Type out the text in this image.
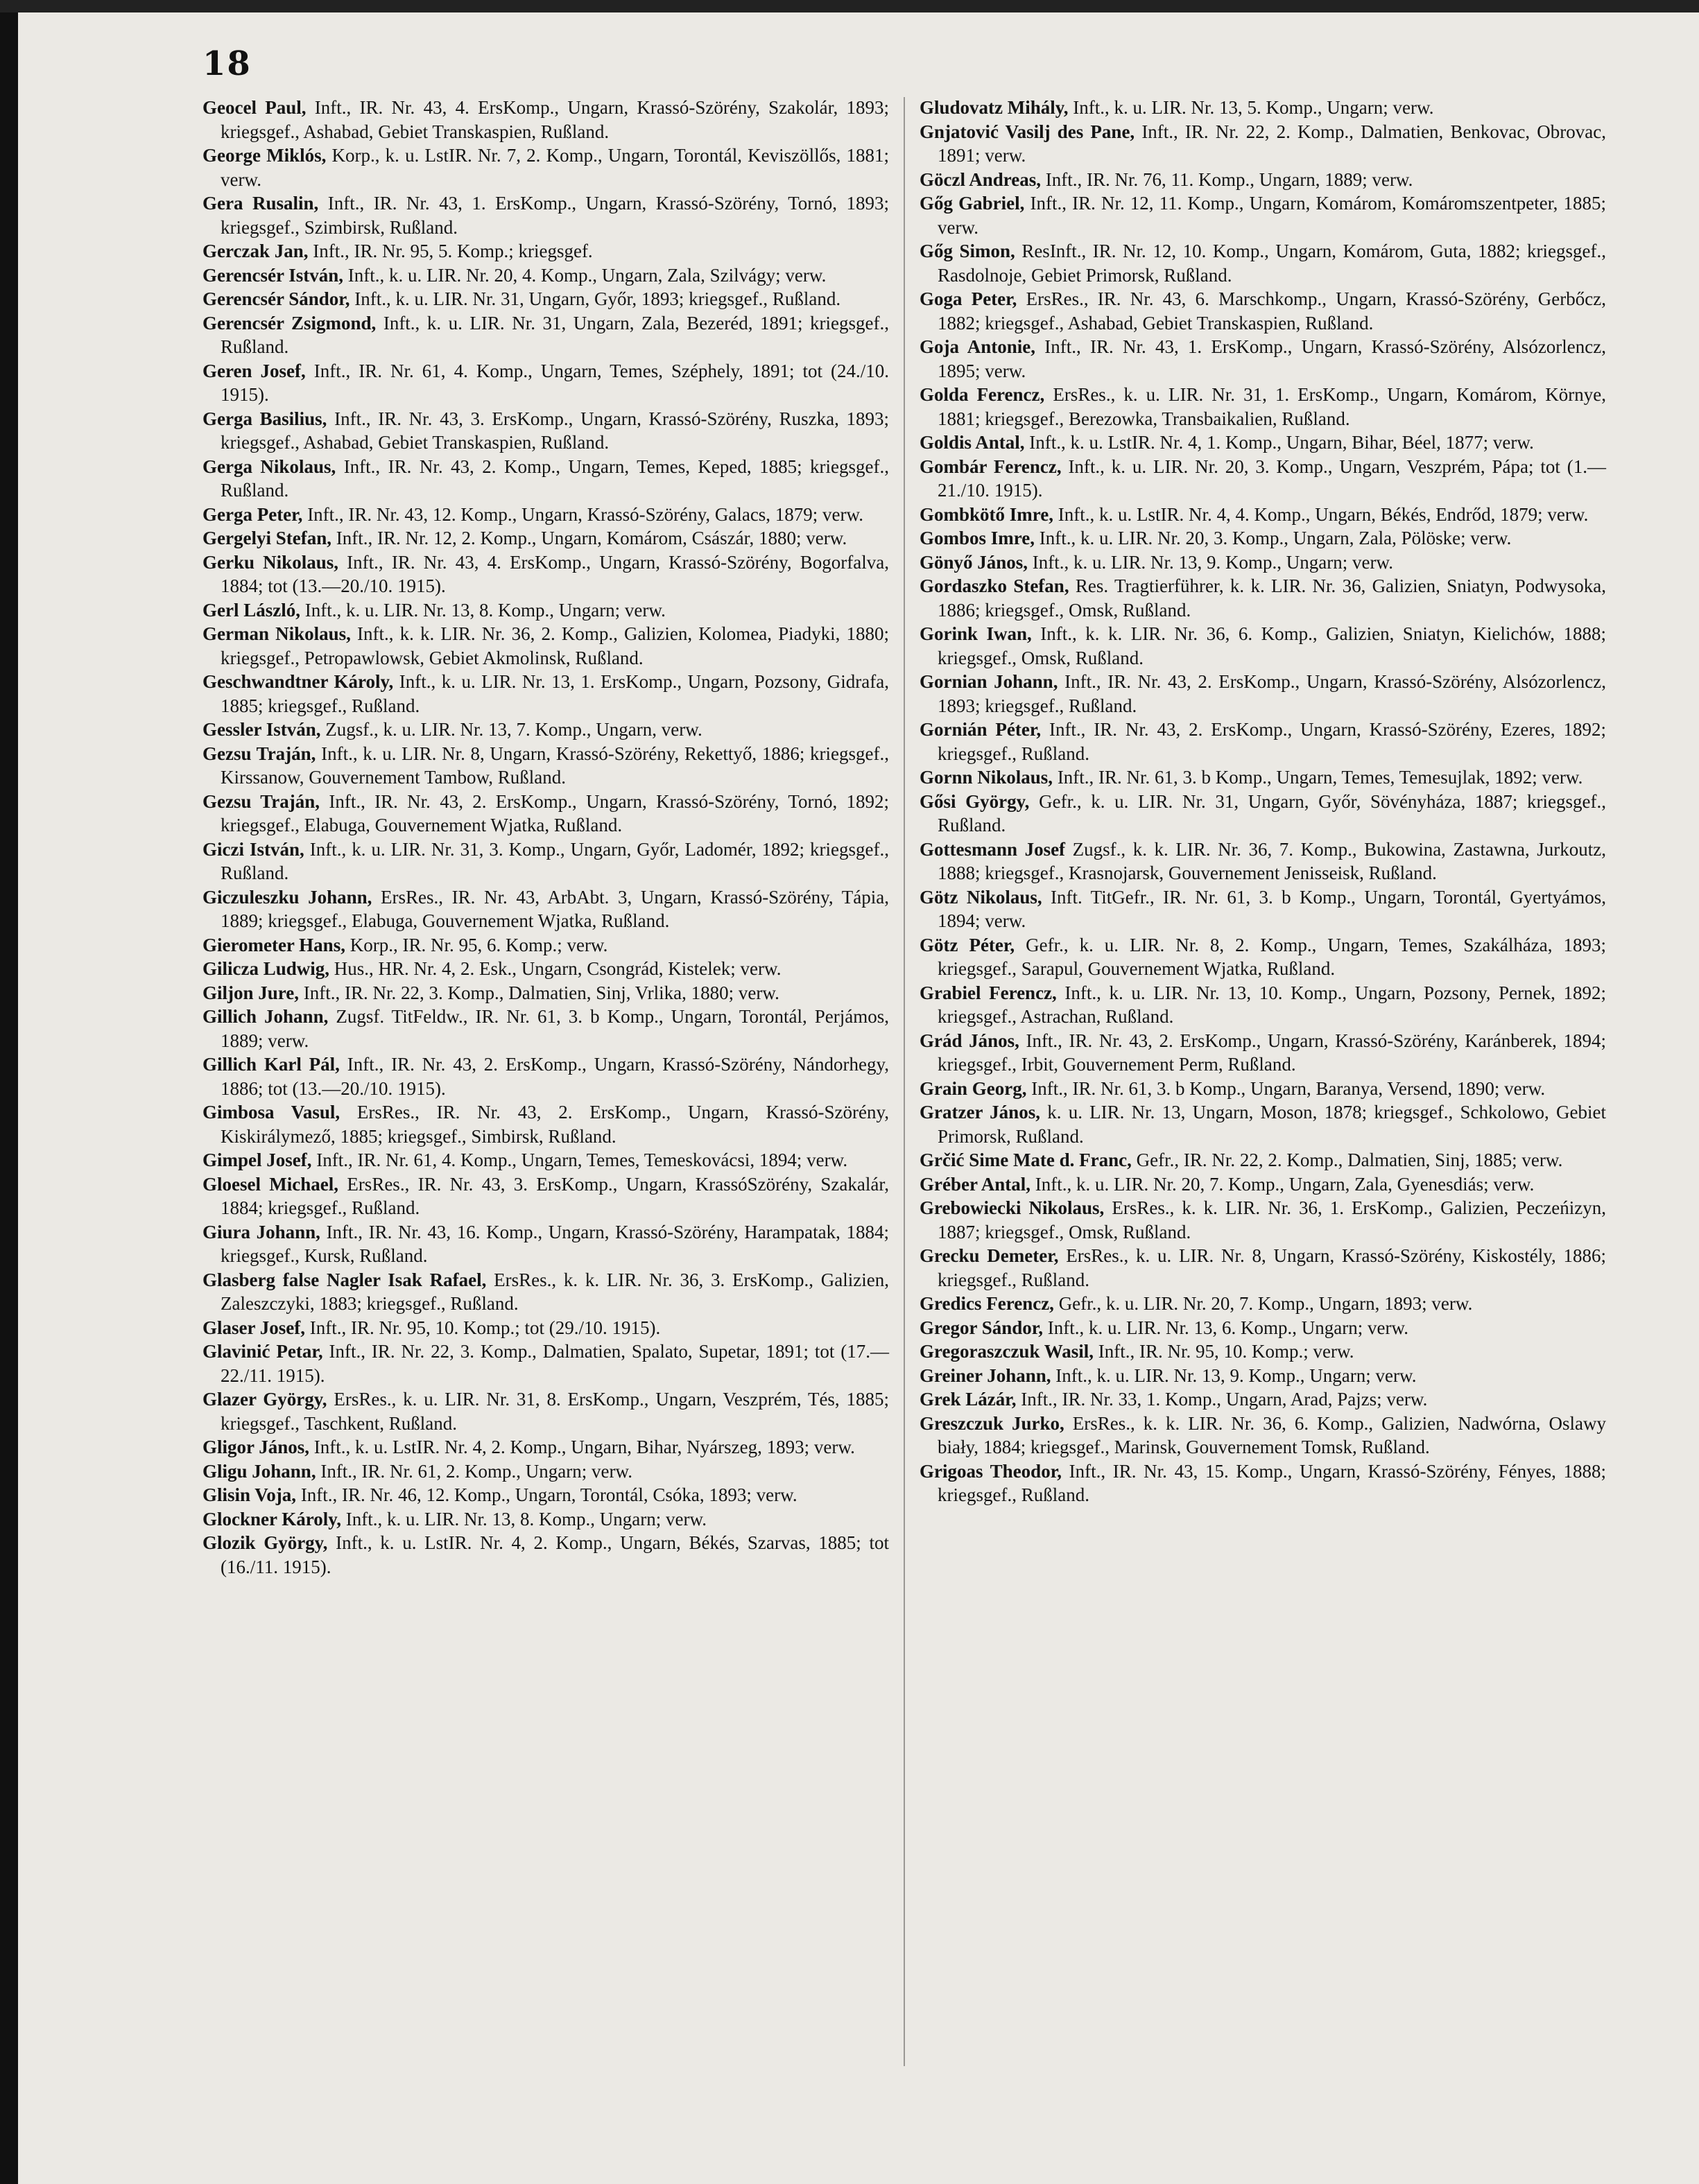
18
Geocel Paul, Inft., IR. Nr. 43, 4. ErsKomp., Ungarn, Krassó-Szörény, Szakolár, 1893; kriegsgef., Ashabad, Gebiet Transkaspien, Rußland.
George Miklós, Korp., k. u. LstIR. Nr. 7, 2. Komp., Ungarn, Torontál, Keviszöllős, 1881; verw.
Gera Rusalin, Inft., IR. Nr. 43, 1. ErsKomp., Ungarn, Krassó-Szörény, Tornó, 1893; kriegsgef., Szimbirsk, Rußland.
Gerczak Jan, Inft., IR. Nr. 95, 5. Komp.; kriegsgef.
Gerencsér István, Inft., k. u. LIR. Nr. 20, 4. Komp., Ungarn, Zala, Szilvágy; verw.
Gerencsér Sándor, Inft., k. u. LIR. Nr. 31, Ungarn, Győr, 1893; kriegsgef., Rußland.
Gerencsér Zsigmond, Inft., k. u. LIR. Nr. 31, Ungarn, Zala, Bezeréd, 1891; kriegsgef., Rußland.
Geren Josef, Inft., IR. Nr. 61, 4. Komp., Ungarn, Temes, Széphely, 1891; tot (24./10. 1915).
Gerga Basilius, Inft., IR. Nr. 43, 3. ErsKomp., Ungarn, Krassó-Szörény, Ruszka, 1893; kriegsgef., Ashabad, Gebiet Transkaspien, Rußland.
Gerga Nikolaus, Inft., IR. Nr. 43, 2. Komp., Ungarn, Temes, Keped, 1885; kriegsgef., Rußland.
Gerga Peter, Inft., IR. Nr. 43, 12. Komp., Ungarn, Krassó-Szörény, Galacs, 1879; verw.
Gergelyi Stefan, Inft., IR. Nr. 12, 2. Komp., Ungarn, Komárom, Császár, 1880; verw.
Gerku Nikolaus, Inft., IR. Nr. 43, 4. ErsKomp., Ungarn, Krassó-Szörény, Bogorfalva, 1884; tot (13.—20./10. 1915).
Gerl László, Inft., k. u. LIR. Nr. 13, 8. Komp., Ungarn; verw.
German Nikolaus, Inft., k. k. LIR. Nr. 36, 2. Komp., Galizien, Kolomea, Piadyki, 1880; kriegsgef., Petropawlowsk, Gebiet Akmolinsk, Rußland.
Geschwandtner Károly, Inft., k. u. LIR. Nr. 13, 1. ErsKomp., Ungarn, Pozsony, Gidrafa, 1885; kriegsgef., Rußland.
Gessler István, Zugsf., k. u. LIR. Nr. 13, 7. Komp., Ungarn, verw.
Gezsu Traján, Inft., k. u. LIR. Nr. 8, Ungarn, Krassó-Szörény, Rekettyő, 1886; kriegsgef., Kirssanow, Gouvernement Tambow, Rußland.
Gezsu Traján, Inft., IR. Nr. 43, 2. ErsKomp., Ungarn, Krassó-Szörény, Tornó, 1892; kriegsgef., Elabuga, Gouvernement Wjatka, Rußland.
Giczi István, Inft., k. u. LIR. Nr. 31, 3. Komp., Ungarn, Győr, Ladomér, 1892; kriegsgef., Rußland.
Giczuleszku Johann, ErsRes., IR. Nr. 43, ArbAbt. 3, Ungarn, Krassó-Szörény, Tápia, 1889; kriegsgef., Elabuga, Gouvernement Wjatka, Rußland.
Gierometer Hans, Korp., IR. Nr. 95, 6. Komp.; verw.
Gilicza Ludwig, Hus., HR. Nr. 4, 2. Esk., Ungarn, Csongrád, Kistelek; verw.
Giljon Jure, Inft., IR. Nr. 22, 3. Komp., Dalmatien, Sinj, Vrlika, 1880; verw.
Gillich Johann, Zugsf. TitFeldw., IR. Nr. 61, 3. b Komp., Ungarn, Torontál, Perjámos, 1889; verw.
Gillich Karl Pál, Inft., IR. Nr. 43, 2. ErsKomp., Ungarn, Krassó-Szörény, Nándorhegy, 1886; tot (13.—20./10. 1915).
Gimbosa Vasul, ErsRes., IR. Nr. 43, 2. ErsKomp., Ungarn, Krassó-Szörény, Kiskirálymező, 1885; kriegsgef., Simbirsk, Rußland.
Gimpel Josef, Inft., IR. Nr. 61, 4. Komp., Ungarn, Temes, Temeskovácsi, 1894; verw.
Gloesel Michael, ErsRes., IR. Nr. 43, 3. ErsKomp., Ungarn, KrassóSzörény, Szakalár, 1884; kriegsgef., Rußland.
Giura Johann, Inft., IR. Nr. 43, 16. Komp., Ungarn, Krassó-Szörény, Harampatak, 1884; kriegsgef., Kursk, Rußland.
Glasberg false Nagler Isak Rafael, ErsRes., k. k. LIR. Nr. 36, 3. ErsKomp., Galizien, Zaleszczyki, 1883; kriegsgef., Rußland.
Glaser Josef, Inft., IR. Nr. 95, 10. Komp.; tot (29./10. 1915).
Glavinić Petar, Inft., IR. Nr. 22, 3. Komp., Dalmatien, Spalato, Supetar, 1891; tot (17.—22./11. 1915).
Glazer György, ErsRes., k. u. LIR. Nr. 31, 8. ErsKomp., Ungarn, Veszprém, Tés, 1885; kriegsgef., Taschkent, Rußland.
Gligor János, Inft., k. u. LstIR. Nr. 4, 2. Komp., Ungarn, Bihar, Nyárszeg, 1893; verw.
Gligu Johann, Inft., IR. Nr. 61, 2. Komp., Ungarn; verw.
Glisin Voja, Inft., IR. Nr. 46, 12. Komp., Ungarn, Torontál, Csóka, 1893; verw.
Glockner Károly, Inft., k. u. LIR. Nr. 13, 8. Komp., Ungarn; verw.
Glozik György, Inft., k. u. LstIR. Nr. 4, 2. Komp., Ungarn, Békés, Szarvas, 1885; tot (16./11. 1915).
Gludovatz Mihály, Inft., k. u. LIR. Nr. 13, 5. Komp., Ungarn; verw.
Gnjatović Vasilj des Pane, Inft., IR. Nr. 22, 2. Komp., Dalmatien, Benkovac, Obrovac, 1891; verw.
Göczl Andreas, Inft., IR. Nr. 76, 11. Komp., Ungarn, 1889; verw.
Gőg Gabriel, Inft., IR. Nr. 12, 11. Komp., Ungarn, Komárom, Komáromszentpeter, 1885; verw.
Gőg Simon, ResInft., IR. Nr. 12, 10. Komp., Ungarn, Komárom, Guta, 1882; kriegsgef., Rasdolnoje, Gebiet Primorsk, Rußland.
Goga Peter, ErsRes., IR. Nr. 43, 6. Marschkomp., Ungarn, Krassó-Szörény, Gerbőcz, 1882; kriegsgef., Ashabad, Gebiet Transkaspien, Rußland.
Goja Antonie, Inft., IR. Nr. 43, 1. ErsKomp., Ungarn, Krassó-Szörény, Alsózorlencz, 1895; verw.
Golda Ferencz, ErsRes., k. u. LIR. Nr. 31, 1. ErsKomp., Ungarn, Komárom, Környe, 1881; kriegsgef., Berezowka, Transbaikalien, Rußland.
Goldis Antal, Inft., k. u. LstIR. Nr. 4, 1. Komp., Ungarn, Bihar, Béel, 1877; verw.
Gombár Ferencz, Inft., k. u. LIR. Nr. 20, 3. Komp., Ungarn, Veszprém, Pápa; tot (1.—21./10. 1915).
Gombkötő Imre, Inft., k. u. LstIR. Nr. 4, 4. Komp., Ungarn, Békés, Endrőd, 1879; verw.
Gombos Imre, Inft., k. u. LIR. Nr. 20, 3. Komp., Ungarn, Zala, Pölöske; verw.
Gönyő János, Inft., k. u. LIR. Nr. 13, 9. Komp., Ungarn; verw.
Gordaszko Stefan, Res. Tragtierführer, k. k. LIR. Nr. 36, Galizien, Sniatyn, Podwysoka, 1886; kriegsgef., Omsk, Rußland.
Gorink Iwan, Inft., k. k. LIR. Nr. 36, 6. Komp., Galizien, Sniatyn, Kielichów, 1888; kriegsgef., Omsk, Rußland.
Gornian Johann, Inft., IR. Nr. 43, 2. ErsKomp., Ungarn, Krassó-Szörény, Alsózorlencz, 1893; kriegsgef., Rußland.
Gornián Péter, Inft., IR. Nr. 43, 2. ErsKomp., Ungarn, Krassó-Szörény, Ezeres, 1892; kriegsgef., Rußland.
Gornn Nikolaus, Inft., IR. Nr. 61, 3. b Komp., Ungarn, Temes, Temesujlak, 1892; verw.
Gősi György, Gefr., k. u. LIR. Nr. 31, Ungarn, Győr, Sövényháza, 1887; kriegsgef., Rußland.
Gottesmann Josef Zugsf., k. k. LIR. Nr. 36, 7. Komp., Bukowina, Zastawna, Jurkoutz, 1888; kriegsgef., Krasnojarsk, Gouvernement Jenisseisk, Rußland.
Götz Nikolaus, Inft. TitGefr., IR. Nr. 61, 3. b Komp., Ungarn, Torontál, Gyertyámos, 1894; verw.
Götz Péter, Gefr., k. u. LIR. Nr. 8, 2. Komp., Ungarn, Temes, Szakálháza, 1893; kriegsgef., Sarapul, Gouvernement Wjatka, Rußland.
Grabiel Ferencz, Inft., k. u. LIR. Nr. 13, 10. Komp., Ungarn, Pozsony, Pernek, 1892; kriegsgef., Astrachan, Rußland.
Grád János, Inft., IR. Nr. 43, 2. ErsKomp., Ungarn, Krassó-Szörény, Karánberek, 1894; kriegsgef., Irbit, Gouvernement Perm, Rußland.
Grain Georg, Inft., IR. Nr. 61, 3. b Komp., Ungarn, Baranya, Versend, 1890; verw.
Gratzer János, k. u. LIR. Nr. 13, Ungarn, Moson, 1878; kriegsgef., Schkolowo, Gebiet Primorsk, Rußland.
Grčić Sime Mate d. Franc, Gefr., IR. Nr. 22, 2. Komp., Dalmatien, Sinj, 1885; verw.
Gréber Antal, Inft., k. u. LIR. Nr. 20, 7. Komp., Ungarn, Zala, Gyenesdiás; verw.
Grebowiecki Nikolaus, ErsRes., k. k. LIR. Nr. 36, 1. ErsKomp., Galizien, Peczeńizyn, 1887; kriegsgef., Omsk, Rußland.
Grecku Demeter, ErsRes., k. u. LIR. Nr. 8, Ungarn, Krassó-Szörény, Kiskostély, 1886; kriegsgef., Rußland.
Gredics Ferencz, Gefr., k. u. LIR. Nr. 20, 7. Komp., Ungarn, 1893; verw.
Gregor Sándor, Inft., k. u. LIR. Nr. 13, 6. Komp., Ungarn; verw.
Gregoraszczuk Wasil, Inft., IR. Nr. 95, 10. Komp.; verw.
Greiner Johann, Inft., k. u. LIR. Nr. 13, 9. Komp., Ungarn; verw.
Grek Lázár, Inft., IR. Nr. 33, 1. Komp., Ungarn, Arad, Pajzs; verw.
Greszczuk Jurko, ErsRes., k. k. LIR. Nr. 36, 6. Komp., Galizien, Nadwórna, Oslawy biały, 1884; kriegsgef., Marinsk, Gouvernement Tomsk, Rußland.
Grigoas Theodor, Inft., IR. Nr. 43, 15. Komp., Ungarn, Krassó-Szörény, Fényes, 1888; kriegsgef., Rußland.
